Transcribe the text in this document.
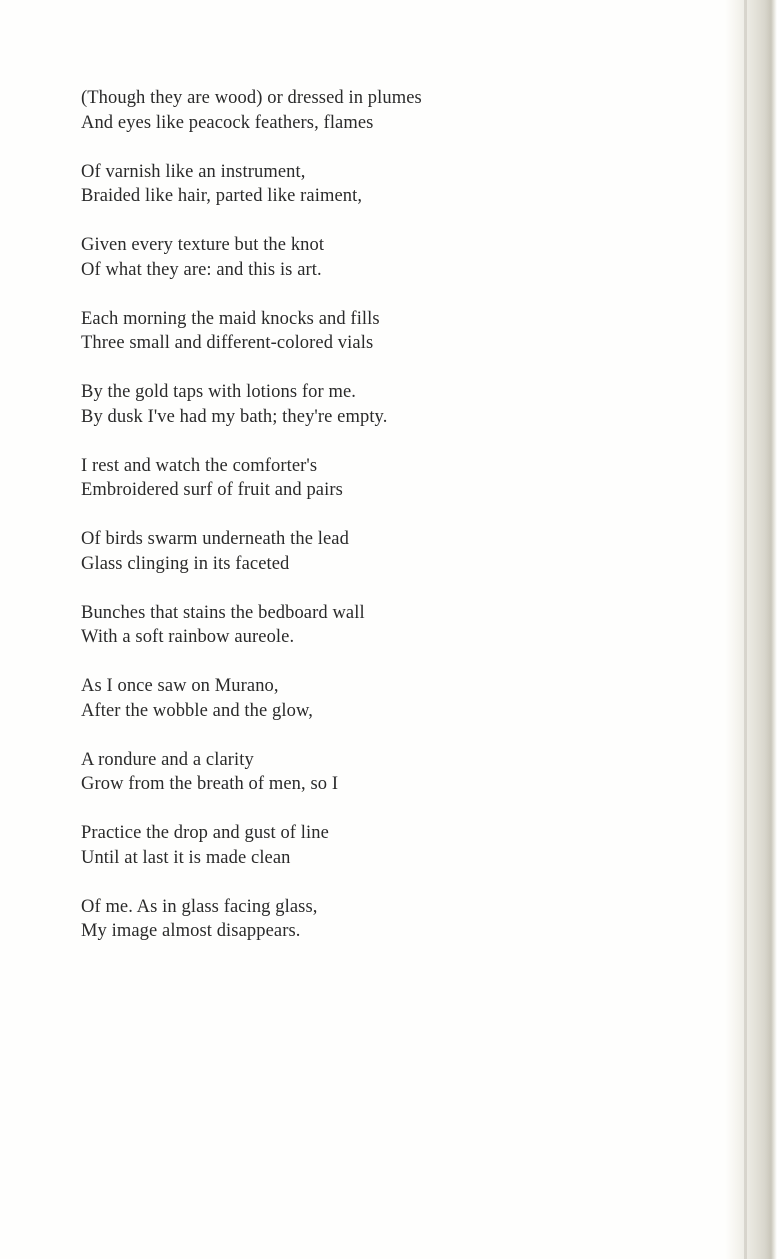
(Though they are wood) or dressed in plumes
And eyes like peacock feathers, flames
Of varnish like an instrument,
Braided like hair, parted like raiment,
Given every texture but the knot
Of what they are: and this is art.
Each morning the maid knocks and fills
Three small and different-colored vials
By the gold taps with lotions for me.
By dusk I've had my bath; they're empty.
I rest and watch the comforter's
Embroidered surf of fruit and pairs
Of birds swarm underneath the lead
Glass clinging in its faceted
Bunches that stains the bedboard wall
With a soft rainbow aureole.
As I once saw on Murano,
After the wobble and the glow,
A rondure and a clarity
Grow from the breath of men, so I
Practice the drop and gust of line
Until at last it is made clean
Of me. As in glass facing glass,
My image almost disappears.
